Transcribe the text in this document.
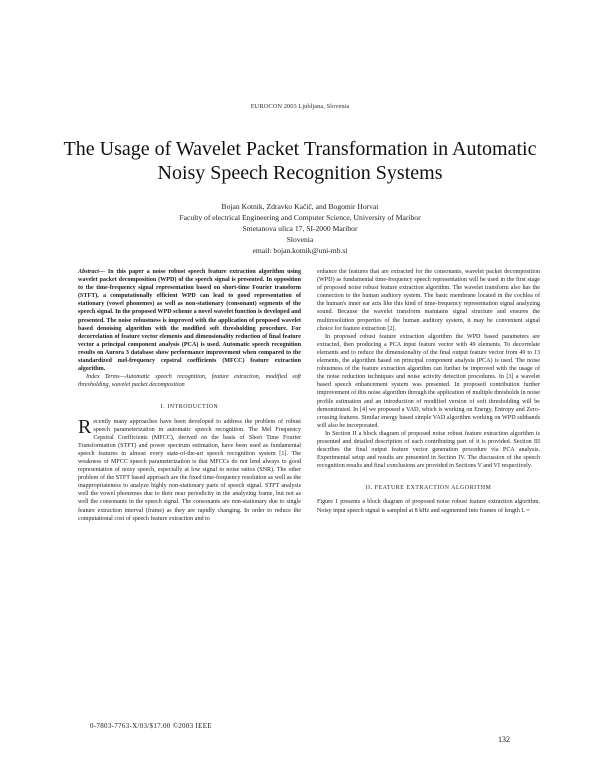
EUROCON 2003 Ljubljana, Slovenia
The Usage of Wavelet Packet Transformation in Automatic Noisy Speech Recognition Systems
Bojan Kotnik, Zdravko Kačič, and Bogomir Horvat
Faculty of electrical Engineering and Computer Science, University of Maribor
Smetanova ulica 17, SI-2000 Maribor
Slovenia
email: bojan.kotnik@uni-mb.si

Abstract— In this paper a noise robust speech feature extraction algorithm using wavelet packet decomposition (WPD) of the speech signal is presented. In opposition to the time-frequency signal representation based on short-time Fourier transform (STFT), a computationally efficient WPD can lead to good representation of stationary (vowel phonemes) as well as non-stationary (consonant) segments of the speech signal. In the proposed WPD scheme a novel wavelet function is developed and presented. The noise robustness is improved with the application of proposed wavelet based denoising algorithm with the modified soft thresholding procedure. For decorrelation of feature vector elements and dimensionality reduction of final feature vector a principal component analysis (PCA) is used. Automatic speech recognition results on Aurora 3 database show performance improvement when compared to the standardized mel-frequency cepstral coefficients (MFCC) feature extraction algorithm.

Index Terms—Automatic speech recognition, feature extraction, modified soft thresholding, wavelet packet decomposition

I. INTRODUCTION

Recently many approaches have been developed to address the problem of robust speech parameterization in automatic speech recognition. The Mel Frequency Cepstral Coefficients (MFCC), derived on the basis of Short Time Fourier Transformation (STFT) and power spectrum estimation, have been used as fundamental speech features in almost every state-of-the-art speech recognition system [1]. The weakness of MFCC speech parameterization is that MFCCs do not lend always to good representation of noisy speech, especially at low signal to noise ratios (SNR). The other problem of the STFT based approach are the fixed time-frequency resolution as well as the inappropriateness to analyze highly non-stationary parts of speech signal. STFT analysis well the vowel phonemes due to their near periodicity in the analyzing frame, but not as well the consonants in the speech signal. The consonants are non-stationary due to single feature extraction interval (frame) as they are rapidly changing. In order to reduce the computational cost of speech feature extraction and to

enhance the features that are extracted for the consonants, wavelet packet decomposition (WPD) as fundamental time-frequency speech representation will be used in the first stage of proposed noise robust feature extraction algorithm. The wavelet transform also has the connection to the human auditory system. The basic membrane located in the cochlea of the human's inner ear acts like this kind of time-frequency representation signal analyzing sound. Because the wavelet transform maintains signal structure and ensures the multiresolution properties of the human auditory system, it may be convenient signal choice for feature extraction [2].

In proposed robust feature extraction algorithm the WPD based parameters are extracted, then producing a PCA input feature vector with 49 elements. To decorrelate elements and to reduce the dimensionality of the final output feature vector from 49 to 13 elements, the algorithm based on principal component analysis (PCA) is used. The noise robustness of the feature extraction algorithm can further be improved with the usage of the noise reduction techniques and noise activity detection procedures. In [3] a wavelet based speech enhancement system was presented. In proposed contribution further improvement of this noise algorithm through the application of multiple thresholds in noise profile estimation and an introduction of modified version of soft thresholding will be demonstrated. In [4] we proposed a VAD, which is working on Energy, Entropy and Zero-crossing features. Similar energy based simple VAD algorithm working on WPD subbands will also be incorporated.

In Section II a block diagram of proposed noise robust feature extraction algorithm is presented and detailed description of each contributing part of it is provided. Section III describes the final output feature vector generation procedure via PCA analysis. Experimental setup and results are presented in Section IV. The discussion of the speech recognition results and final conclusions are provided in Sections V and VI respectively.

II. FEATURE EXTRACTION ALGORITHM

Figure 1 presents a block diagram of proposed noise robust feature extraction algorithm. Noisy input speech signal is sampled at 8 kHz and segmented into frames of length L =

0-7803-7763-X/03/$17.00 ©2003 IEEE
132
